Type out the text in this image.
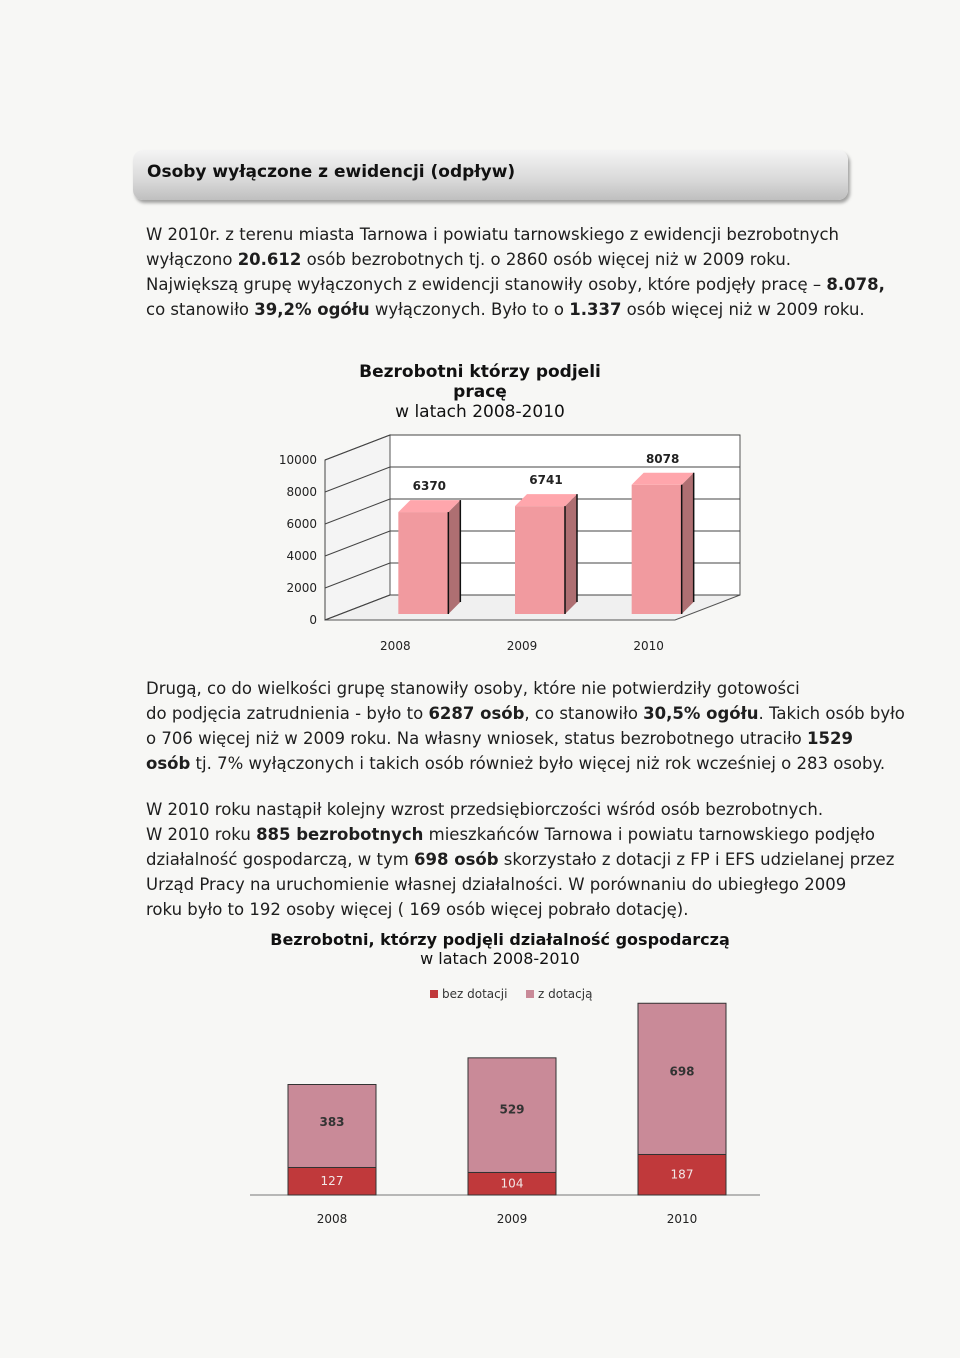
Osoby wyłączone z ewidencji (odpływ)
W 2010r. z terenu miasta Tarnowa i powiatu tarnowskiego z ewidencji bezrobotnych
wyłączono 20.612 osób bezrobotnych tj. o 2860 osób więcej niż w 2009 roku.
Największą grupę wyłączonych z ewidencji stanowiły osoby, które podjęły pracę – 8.078,
co stanowiło 39,2% ogółu wyłączonych. Było to o 1.337 osób więcej niż w 2009 roku.
Bezrobotni którzy podjeli pracę
w latach 2008-2010
0
2000
4000
6000
8000
10000
6370
2008
6741
2009
8078
2010
Drugą, co do wielkości grupę stanowiły osoby, które nie potwierdziły gotowości
do podjęcia zatrudnienia - było to 6287 osób, co stanowiło 30,5% ogółu. Takich osób było
o 706 więcej niż w 2009 roku. Na własny wniosek, status bezrobotnego utraciło 1529
osób tj. 7% wyłączonych i takich osób również było więcej niż rok wcześniej o 283 osoby.
W 2010 roku nastąpił kolejny wzrost przedsiębiorczości wśród osób bezrobotnych.
W 2010 roku 885 bezrobotnych mieszkańców Tarnowa i powiatu tarnowskiego podjęło
działalność gospodarczą, w tym 698 osób skorzystało z dotacji z FP i EFS udzielanej przez
Urząd Pracy na uruchomienie własnej działalności. W porównaniu do ubiegłego 2009
roku było to 192 osoby więcej ( 169 osób więcej pobrało dotację).
Bezrobotni, którzy podjęli działalność gospodarczą
w latach 2008-2010
bez dotacji	z dotacją
127
383
2008
104
529
2009
187
698
2010
